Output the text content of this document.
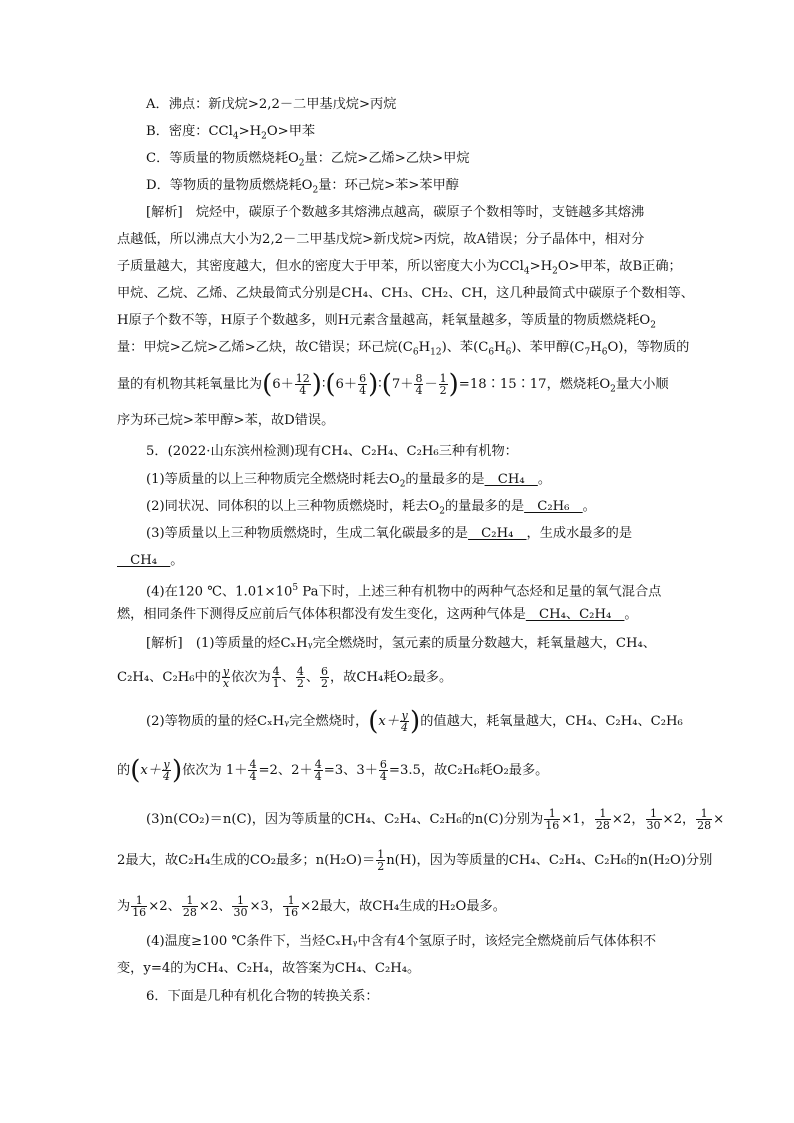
A．沸点：新戊烷>2,2－二甲基戊烷>丙烷
B．密度：$CCl_4>H_2O>$甲苯
C．等质量的物质燃烧耗$O_2$量：乙烷>乙烯>乙炔>甲烷
D．等物质的量物质燃烧耗$O_2$量：环己烷>苯>苯甲醇
[解析]　烷烃中，碳原子个数越多其熔沸点越高，碳原子个数相等时，支链越多其熔沸
点越低，所以沸点大小为2,2－二甲基戊烷>新戊烷>丙烷，故A错误；分子晶体中，相对分
子质量越大，其密度越大，但水的密度大于甲苯，所以密度大小为$CCl_4>H_2O>$甲苯，故B正确；
甲烷、乙烷、乙烯、乙炔最简式分别是CH₄、CH₃、CH₂、CH，这几种最简式中碳原子个数相等、
H原子个数不等，H原子个数越多，则H元素含量越高，耗氧量越多，等质量的物质燃烧耗$O_2$
量：甲烷>乙烷>乙烯>乙炔，故C错误；环己烷$(C_6H_{12})$、苯$(C_6H_6)$、苯甲醇$(C_7H_6O)$，等物质的
量的有机物其耗氧量比为($6+ \frac{12}{4}$ )∶(6＋ $\frac{6}{4}$ )∶(7＋ $\frac{8}{4} - \frac{1}{2}$ )=18∶15∶17，燃烧耗$O_2$量大小顺
序为环己烷>苯甲醇>苯，故D错误。
5．(2022·山东滨州检测)现有CH₄、C₂H₄、C₂H₆三种有机物：
(1)等质量的以上三种物质完全燃烧时耗去$O_2$的量最多的是　CH₄　。
(2)同状况、同体积的以上三种物质燃烧时，耗去$O_2$的量最多的是　C₂H₆　。
(3)等质量以上三种物质燃烧时，生成二氧化碳最多的是　C₂H₄　，生成水最多的是
　CH₄　。
(4)在120 ℃、$1.01\times 10^5$ Pa下时，上述三种有机物中的两种气态烃和足量的氧气混合点
燃，相同条件下测得反应前后气体体积都没有发生变化，这两种气体是　CH₄、C₂H₄　。
[解析]　(1)等质量的烃CₓHᵧ完全燃烧时，氢元素的质量分数越大，耗氧量越大，CH₄、
C₂H₄、C₂H₆中的 $\frac{y}{x}$ 依次为 $\frac{4}{1}$ 、 $\frac{4}{2}$ 、 $\frac{6}{2}$ ，故CH₄耗O₂最多。
(2)等物质的量的烃CₓHᵧ完全燃烧时，($x+ \frac{y}{4}$ )的值越大，耗氧量越大，CH₄、C₂H₄、C₂H₆
的($x+ \frac{y}{4}$ )依次为 $1+ \frac{4}{4} =2$、$2+ \frac{4}{4} =3$、$3+ \frac{6}{4} =3.5$，故C₂H₆耗O₂最多。
(3)n(CO₂)＝n(C)，因为等质量的CH₄、C₂H₄、C₂H₆的n(C)分别为 $\frac{1}{16} \times 1$， $\frac{1}{28} \times 2$， $\frac{1}{30} \times 2$， $\frac{1}{28}$ ×
2最大，故C₂H₄生成的CO₂最多；$n(H_2O)= \frac{1}{2} n(H)$，因为等质量的CH₄、C₂H₄、C₂H₆的n(H₂O)分别
为 $\frac{1}{16} \times 2$、 $\frac{1}{28} \times 2$、 $\frac{1}{30} \times 3$， $\frac{1}{16} \times 2$最大，故CH₄生成的H₂O最多。
(4)温度≥100 ℃条件下，当烃CₓHᵧ中含有4个氢原子时，该烃完全燃烧前后气体体积不
变，y=4的为CH₄、C₂H₄，故答案为CH₄、C₂H₄。
6．下面是几种有机化合物的转换关系：
